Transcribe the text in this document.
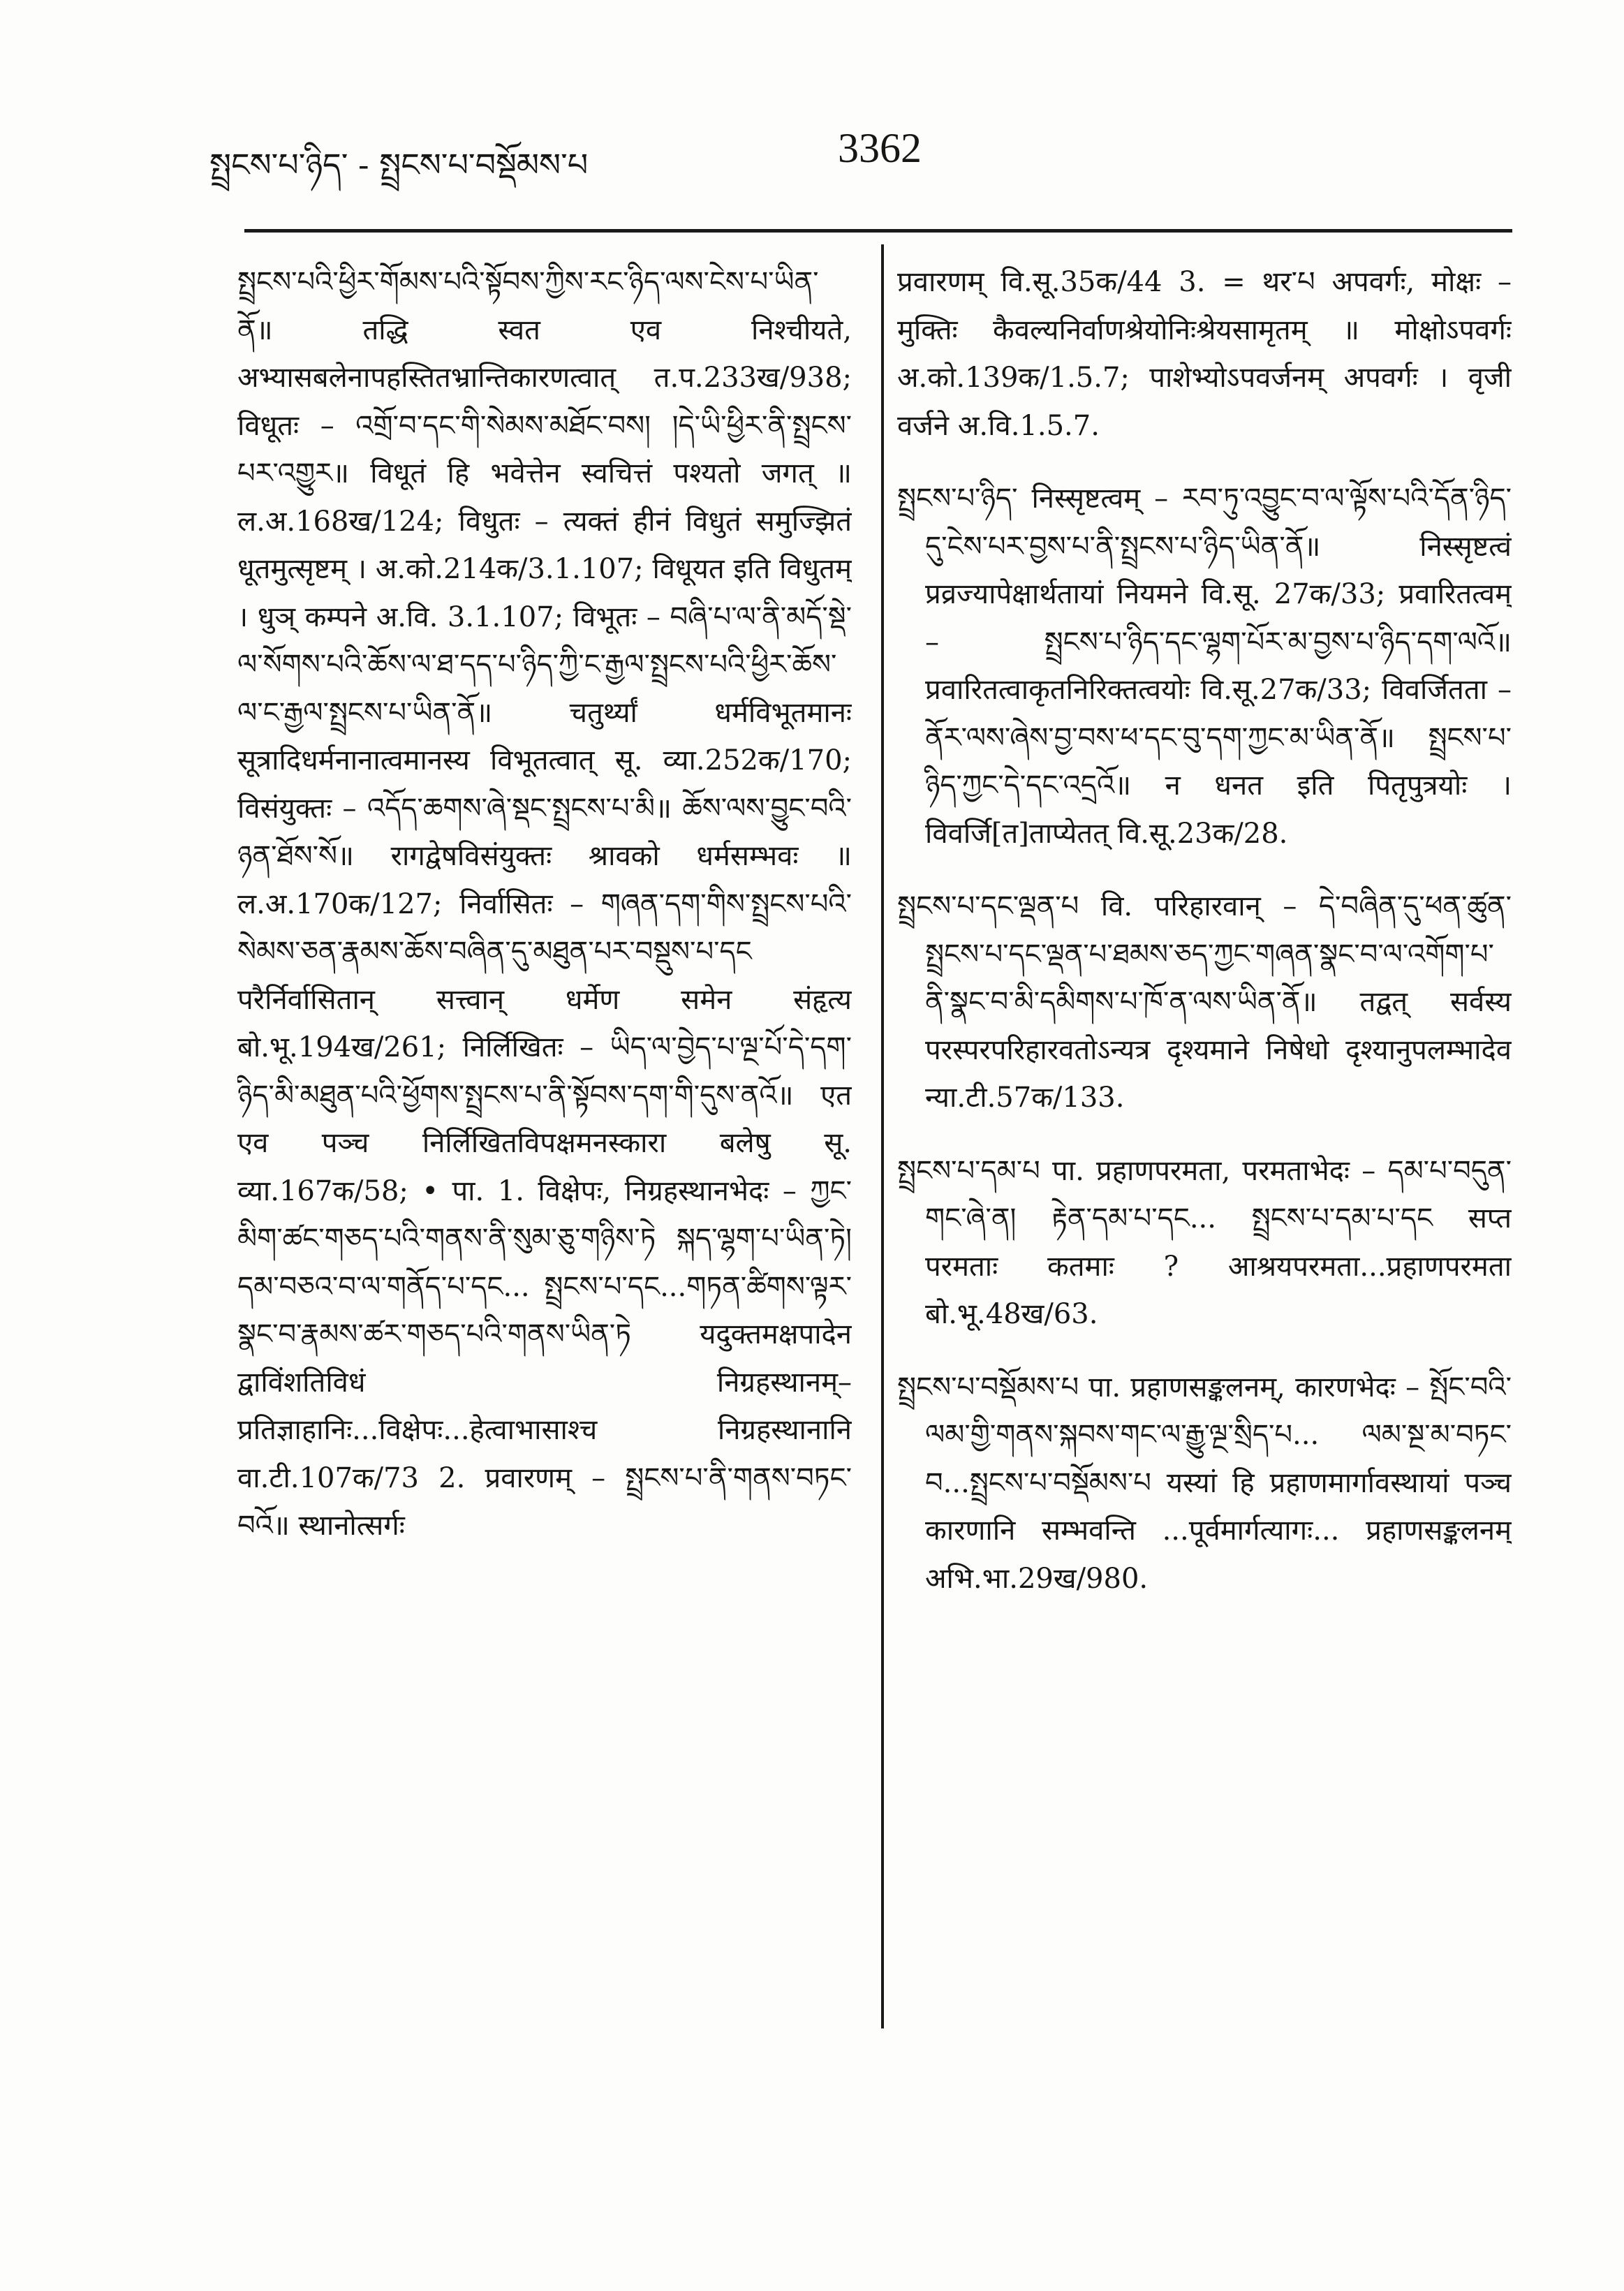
སྤྲངས་པ་ཉིད་ - སྤྲངས་པ་བསྡོམས་པ	3362

སྤྲངས་པའི་ཕྱིར་གོམས་པའི་སྟོབས་ཀྱིས་རང་ཉིད་ལས་ངེས་པ་ཡིན་ནོ॥ तद्धि स्वत एव निश्चीयते, अभ्यासबलेनापहस्तितभ्रान्तिकारणत्वात् त.प.233ख/938; विधूतः – འགྲོ་བ་དང་གི་སེམས་མཐོང་བས། །དེ་ཡི་ཕྱིར་ནི་སྤྲངས་པར་འགྱུར॥ विधूतं हि भवेत्तेन स्वचित्तं पश्यतो जगत् ॥ ल.अ.168ख/124; विधुतः – त्यक्तं हीनं विधुतं समुज्झितं धूतमुत्सृष्टम् । अ.को.214क/3.1.107; विधूयत इति विधुतम् । धुञ् कम्पने अ.वि. 3.1.107; विभूतः – བཞི་པ་ལ་ནི་མདོ་སྡེ་ལ་སོགས་པའི་ཆོས་ལ་ཐ་དད་པ་ཉིད་ཀྱི་ང་རྒྱལ་སྤྲངས་པའི་ཕྱིར་ཆོས་ལ་ང་རྒྱལ་སྤྲངས་པ་ཡིན་ནོ॥ चतुर्थ्यां धर्मविभूतमानः सूत्रादिधर्मनानात्वमानस्य विभूतत्वात् सू. व्या.252क/170; विसंयुक्तः – འདོད་ཆགས་ཞེ་སྡང་སྤྲངས་པ་མི॥ ཆོས་ལས་བྱུང་བའི་ཉན་ཐོས་སོ॥ रागद्वेषविसंयुक्तः श्रावको धर्मसम्भवः ॥ ल.अ.170क/127; निर्वासितः – གཞན་དག་གིས་སྤྲངས་པའི་སེམས་ཅན་རྣམས་ཆོས་བཞིན་དུ་མཐུན་པར་བསྡུས་པ་དང परैर्निर्वासितान् सत्त्वान् धर्मेण समेन संहृत्य बो.भू.194ख/261; निर्लिखितः – ཡིད་ལ་བྱེད་པ་ལྔ་པོ་དེ་དག་ཉིད་མི་མཐུན་པའི་ཕྱོགས་སྤྲངས་པ་ནི་སྟོབས་དག་གི་དུས་ནའོ॥ एत एव पञ्च निर्लिखितविपक्षमनस्कारा बलेषु सू. व्या.167क/58; • पा. 1. विक्षेपः, निग्रहस्थानभेदः – ཀྱང་མིག་ཚང་གཅད་པའི་གནས་ནི་སུམ་ཅུ་གཉིས་ཏེ སྐད་ལྷག་པ་ཡིན་ཏེ། དམ་བཅའ་བ་ལ་གནོད་པ་དང... སྤྲངས་པ་དང...གཏན་ཚིགས་ལྟར་སྣང་བ་རྣམས་ཚར་གཅད་པའི་གནས་ཡིན་ཏེ यदुक्तमक्षपादेन द्वाविंशतिविधं निग्रहस्थानम्–प्रतिज्ञाहानिः...विक्षेपः...हेत्वाभासाश्च निग्रहस्थानानि वा.टी.107क/73 2. प्रवारणम् – སྤྲངས་པ་ནི་གནས་བཏང་བའོ॥ स्थानोत्सर्गः

प्रवारणम् वि.सू.35क/44 3. = थर་པ अपवर्गः, मोक्षः – मुक्तिः कैवल्यनिर्वाणश्रेयोनिःश्रेयसामृतम् ॥ मोक्षोऽपवर्गः अ.को.139क/1.5.7; पाशेभ्योऽपवर्जनम् अपवर्गः । वृजी वर्जने अ.वि.1.5.7.

སྤྲངས་པ་ཉིད་ निस्सृष्टत्वम् – རབ་ཏུ་འབྱུང་བ་ལ་ལྟོས་པའི་དོན་ཉིད་དུ་ངེས་པར་བྱས་པ་ནི་སྤྲངས་པ་ཉིད་ཡིན་ནོ॥ निस्सृष्टत्वं प्रव्रज्यापेक्षार्थतायां नियमने वि.सू. 27क/33; प्रवारितत्वम् – སྤྲངས་པ་ཉིད་དང་ལྷག་པོར་མ་བྱས་པ་ཉིད་དག་ལའོ॥ प्रवारितत्वाकृतनिरिक्तत्वयोः वि.सू.27क/33; विवर्जितता – ནོར་ལས་ཞེས་བྱ་བས་ཕ་དང་བུ་དག་ཀྱང་མ་ཡིན་ནོ॥ སྤྲངས་པ་ཉིད་ཀྱང་དེ་དང་འདྲའོ॥ न धनत इति पितृपुत्रयोः । विवर्जि[त]ताप्येतत् वि.सू.23क/28.

སྤྲངས་པ་དང་ལྡན་པ वि. परिहारवान् – དེ་བཞིན་དུ་ཕན་ཚུན་སྤྲངས་པ་དང་ལྡན་པ་ཐམས་ཅད་ཀྱང་གཞན་སྣང་བ་ལ་འགོག་པ་ནི་སྣང་བ་མི་དམིགས་པ་ཁོ་ན་ལས་ཡིན་ནོ॥ तद्वत् सर्वस्य परस्परपरिहारवतोऽन्यत्र दृश्यमाने निषेधो दृश्यानुपलम्भादेव न्या.टी.57क/133.

སྤྲངས་པ་དམ་པ पा. प्रहाणपरमता, परमताभेदः – དམ་པ་བདུན་གང་ཞེ་ན། རྟེན་དམ་པ་དང... སྤྲངས་པ་དམ་པ་དང सप्त परमताः कतमाः ? आश्रयपरमता...प्रहाणपरमता बो.भू.48ख/63.

སྤྲངས་པ་བསྡོམས་པ पा. प्रहाणसङ्कलनम्, कारणभेदः – སྤོང་བའི་ལམ་གྱི་གནས་སྐབས་གང་ལ་རྒྱུ་ལྔ་སྲིད་པ... ལམ་སྔ་མ་བཏང་བ...སྤྲངས་པ་བསྡོམས་པ यस्यां हि प्रहाणमार्गावस्थायां पञ्च कारणानि सम्भवन्ति ...पूर्वमार्गत्यागः... प्रहाणसङ्कलनम् अभि.भा.29ख/980.
